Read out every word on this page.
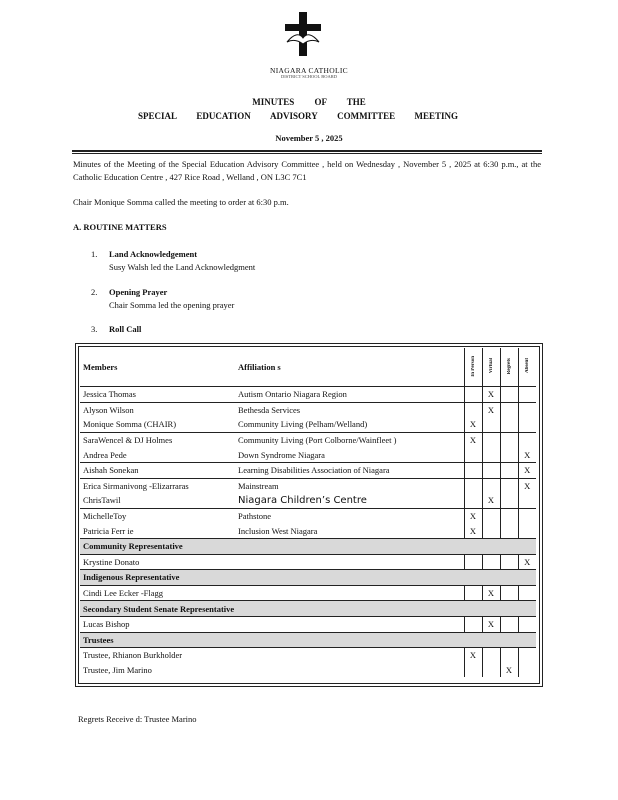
NIAGARA CATHOLIC
DISTRICT SCHOOL BOARD
MINUTES OF THE
SPECIAL EDUCATION ADVISORY COMMITTEE MEETING
November 5 , 2025
Minutes of the Meeting of the Special Education Advisory Committee , held on Wednesday , November 5 , 2025 at 6:30 p.m., at the Catholic Education Centre , 427 Rice Road , Welland , ON L3C 7C1
Chair Monique Somma called the meeting to order at 6:30 p.m.
A. ROUTINE MATTERS
1. Land Acknowledgement
Susy Walsh led the Land Acknowledgment
2. Opening Prayer
Chair Somma led the opening prayer
3. Roll Call
Members	Affiliation s	In Person	Virtual	Regrets	Absent
Jessica Thomas	Autism Ontario Niagara Region		X		
Alyson Wilson	Bethesda Services		X		
Monique Somma (CHAIR)	Community Living (Pelham/Welland)	X			
SaraWencel & DJ Holmes	Community Living (Port Colborne/Wainfleet )	X			
Andrea Pede	Down Syndrome Niagara				X
Aishah Sonekan	Learning Disabilities Association of Niagara				X
Erica Sirmanivong -Elizarraras	Mainstream				X
ChrisTawil	Niagara Children’s Centre		X		
MichelleToy	Pathstone	X			
Patricia Ferr ie	Inclusion West Niagara	X			
Community Representative					
Krystine Donato					X
Indigenous Representative					
Cindi Lee Ecker -Flagg			X		
Secondary Student Senate Representative					
Lucas Bishop			X		
Trustees					
Trustee, Rhianon Burkholder		X			
Trustee, Jim Marino				X	
Regrets Receive d: Trustee Marino
